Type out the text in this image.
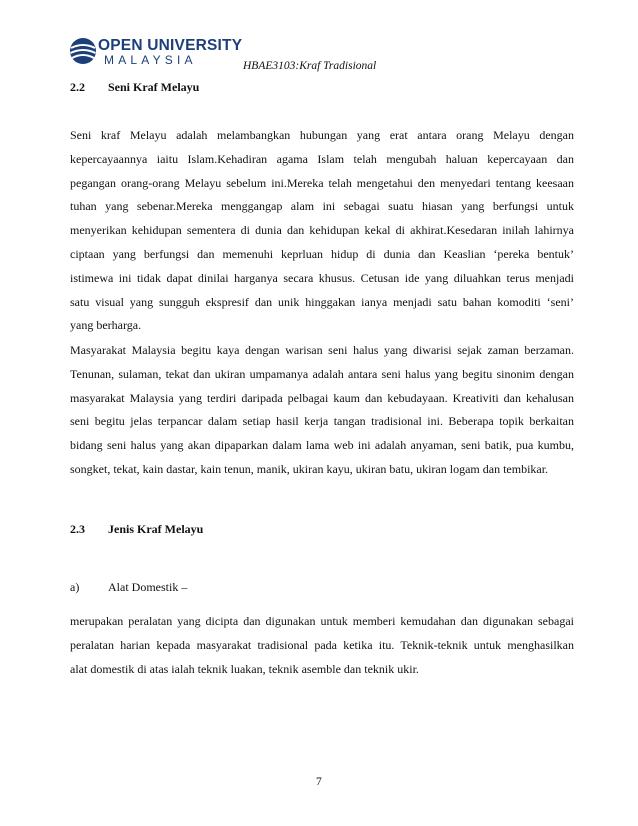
OPEN UNIVERSITY
MALAYSIA	HBAE3103:Kraf Tradisional
2.2 Seni Kraf Melayu
Seni kraf Melayu adalah melambangkan hubungan yang erat antara orang Melayu dengan
kepercayaannya iaitu Islam.Kehadiran agama Islam telah mengubah haluan kepercayaan dan
pegangan orang-orang Melayu sebelum ini.Mereka telah mengetahui den menyedari tentang keesaan
tuhan yang sebenar.Mereka menggangap alam ini sebagai suatu hiasan yang berfungsi untuk
menyerikan kehidupan sementera di dunia dan kehidupan kekal di akhirat.Kesedaran inilah lahirnya
ciptaan yang berfungsi dan memenuhi keprluan hidup di dunia dan Keaslian ‘pereka bentuk’
istimewa ini tidak dapat dinilai harganya secara khusus. Cetusan ide yang diluahkan terus menjadi
satu visual yang sungguh ekspresif dan unik hinggakan ianya menjadi satu bahan komoditi ‘seni’
yang berharga.
Masyarakat Malaysia begitu kaya dengan warisan seni halus yang diwarisi sejak zaman berzaman.
Tenunan, sulaman, tekat dan ukiran umpamanya adalah antara seni halus yang begitu sinonim dengan
masyarakat Malaysia yang terdiri daripada pelbagai kaum dan kebudayaan. Kreativiti dan kehalusan
seni begitu jelas terpancar dalam setiap hasil kerja tangan tradisional ini. Beberapa topik berkaitan
bidang seni halus yang akan dipaparkan dalam lama web ini adalah anyaman, seni batik, pua kumbu,
songket, tekat, kain dastar, kain tenun, manik, ukiran kayu, ukiran batu, ukiran logam dan tembikar.
2.3 Jenis Kraf Melayu
a) Alat Domestik –
merupakan peralatan yang dicipta dan digunakan untuk memberi kemudahan dan digunakan sebagai
peralatan harian kepada masyarakat tradisional pada ketika itu. Teknik-teknik untuk menghasilkan
alat domestik di atas ialah teknik luakan, teknik asemble dan teknik ukir.
7
